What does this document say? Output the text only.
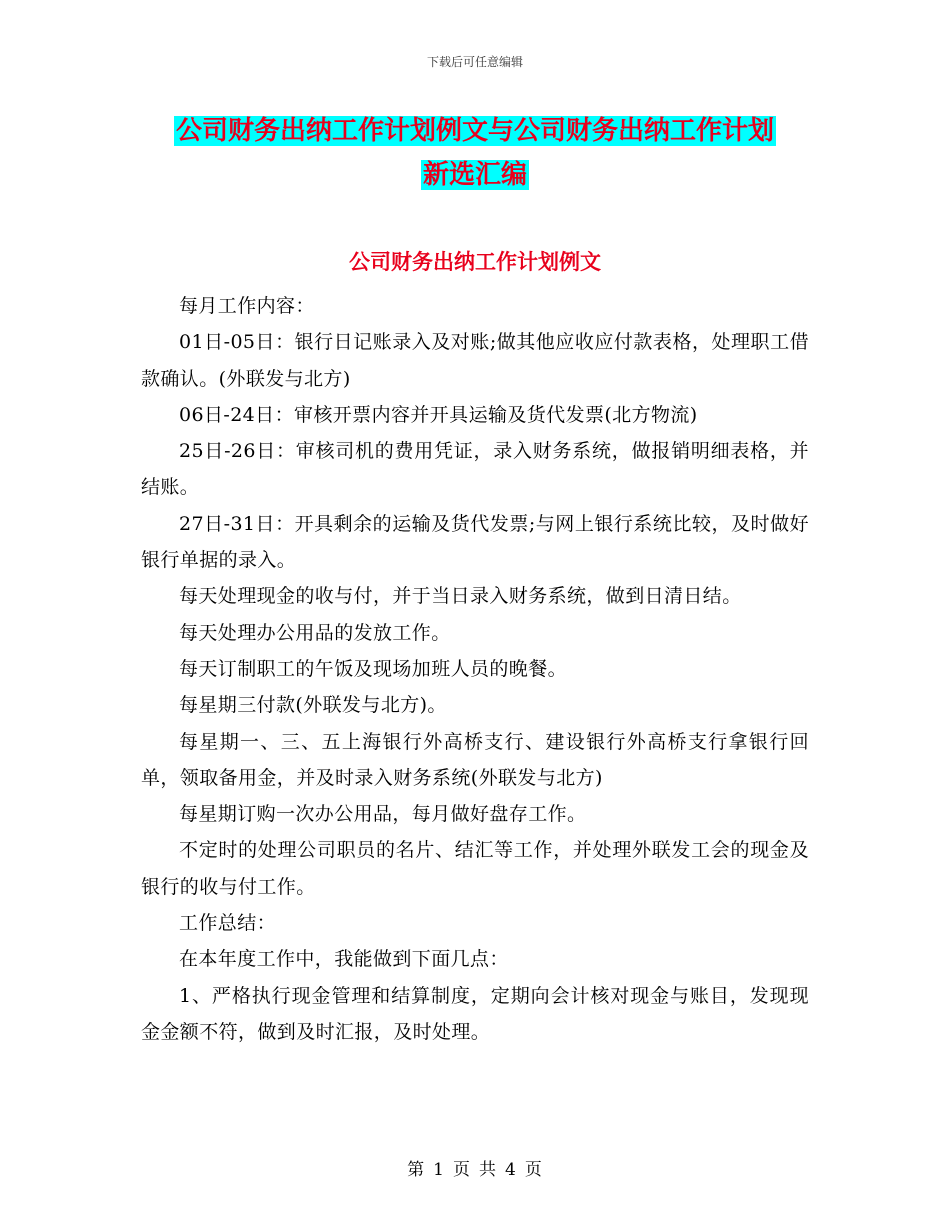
下载后可任意编辑
公司财务出纳工作计划例文与公司财务出纳工作计划
新选汇编
公司财务出纳工作计划例文

每月工作内容：

01日-05日：银行日记账录入及对账;做其他应收应付款表格，处理职工借款确认。(外联发与北方)

06日-24日：审核开票内容并开具运输及货代发票(北方物流)

25日-26日：审核司机的费用凭证，录入财务系统，做报销明细表格，并结账。

27日-31日：开具剩余的运输及货代发票;与网上银行系统比较，及时做好银行单据的录入。

每天处理现金的收与付，并于当日录入财务系统，做到日清日结。

每天处理办公用品的发放工作。

每天订制职工的午饭及现场加班人员的晚餐。

每星期三付款(外联发与北方)。

每星期一、三、五上海银行外高桥支行、建设银行外高桥支行拿银行回单，领取备用金，并及时录入财务系统(外联发与北方)

每星期订购一次办公用品，每月做好盘存工作。

不定时的处理公司职员的名片、结汇等工作，并处理外联发工会的现金及银行的收与付工作。

工作总结：

在本年度工作中，我能做到下面几点：

1、严格执行现金管理和结算制度，定期向会计核对现金与账目，发现现金金额不符，做到及时汇报，及时处理。

第 1 页 共 4 页
